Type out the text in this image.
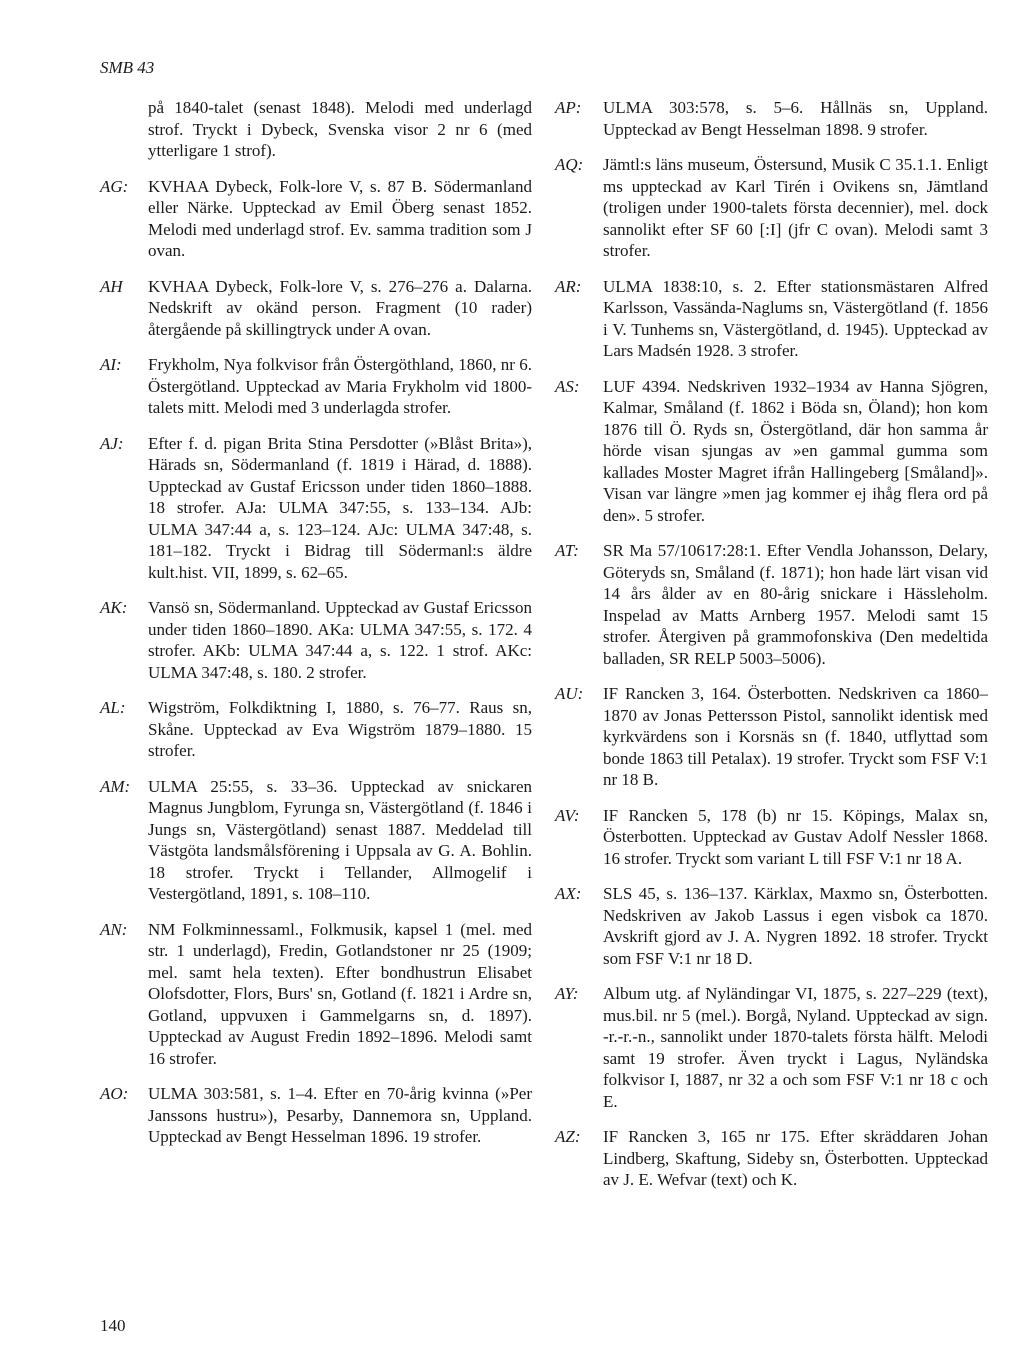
SMB 43
på 1840-talet (senast 1848). Melodi med underlagd strof. Tryckt i Dybeck, Svenska visor 2 nr 6 (med ytterligare 1 strof).
AG:	KVHAA Dybeck, Folk-lore V, s. 87 B. Södermanland eller Närke. Uppteckad av Emil Öberg senast 1852. Melodi med underlagd strof. Ev. samma tradition som J ovan.
AH	KVHAA Dybeck, Folk-lore V, s. 276–276 a. Dalarna. Nedskrift av okänd person. Fragment (10 rader) återgående på skillingtryck under A ovan.
AI:	Frykholm, Nya folkvisor från Östergöthland, 1860, nr 6. Östergötland. Uppteckad av Maria Frykholm vid 1800-talets mitt. Melodi med 3 underlagda strofer.
AJ:	Efter f. d. pigan Brita Stina Persdotter (»Blåst Brita»), Härads sn, Södermanland (f. 1819 i Härad, d. 1888). Uppteckad av Gustaf Ericsson under tiden 1860–1888. 18 strofer. AJa: ULMA 347:55, s. 133–134. AJb: ULMA 347:44 a, s. 123–124. AJc: ULMA 347:48, s. 181–182. Tryckt i Bidrag till Södermanl:s äldre kult.hist. VII, 1899, s. 62–65.
AK:	Vansö sn, Södermanland. Uppteckad av Gustaf Ericsson under tiden 1860–1890. AKa: ULMA 347:55, s. 172. 4 strofer. AKb: ULMA 347:44 a, s. 122. 1 strof. AKc: ULMA 347:48, s. 180. 2 strofer.
AL:	Wigström, Folkdiktning I, 1880, s. 76–77. Raus sn, Skåne. Uppteckad av Eva Wigström 1879–1880. 15 strofer.
AM:	ULMA 25:55, s. 33–36. Uppteckad av snickaren Magnus Jungblom, Fyrunga sn, Västergötland (f. 1846 i Jungs sn, Västergötland) senast 1887. Meddelad till Västgöta landsmålsförening i Uppsala av G. A. Bohlin. 18 strofer. Tryckt i Tellander, Allmogelif i Vestergötland, 1891, s. 108–110.
AN:	NM Folkminnessaml., Folkmusik, kapsel 1 (mel. med str. 1 underlagd), Fredin, Gotlandstoner nr 25 (1909; mel. samt hela texten). Efter bondhustrun Elisabet Olofsdotter, Flors, Burs' sn, Gotland (f. 1821 i Ardre sn, Gotland, uppvuxen i Gammelgarns sn, d. 1897). Uppteckad av August Fredin 1892–1896. Melodi samt 16 strofer.
AO:	ULMA 303:581, s. 1–4. Efter en 70-årig kvinna (»Per Janssons hustru»), Pesarby, Dannemora sn, Uppland. Uppteckad av Bengt Hesselman 1896. 19 strofer.
AP:	ULMA 303:578, s. 5–6. Hållnäs sn, Uppland. Uppteckad av Bengt Hesselman 1898. 9 strofer.
AQ:	Jämtl:s läns museum, Östersund, Musik C 35.1.1. Enligt ms uppteckad av Karl Tirén i Ovikens sn, Jämtland (troligen under 1900-talets första decennier), mel. dock sannolikt efter SF 60 [:I] (jfr C ovan). Melodi samt 3 strofer.
AR:	ULMA 1838:10, s. 2. Efter stationsmästaren Alfred Karlsson, Vassända-Naglums sn, Västergötland (f. 1856 i V. Tunhems sn, Västergötland, d. 1945). Uppteckad av Lars Madsén 1928. 3 strofer.
AS:	LUF 4394. Nedskriven 1932–1934 av Hanna Sjögren, Kalmar, Småland (f. 1862 i Böda sn, Öland); hon kom 1876 till Ö. Ryds sn, Östergötland, där hon samma år hörde visan sjungas av »en gammal gumma som kallades Moster Magret ifrån Hallingeberg [Småland]». Visan var längre »men jag kommer ej ihåg flera ord på den». 5 strofer.
AT:	SR Ma 57/10617:28:1. Efter Vendla Johansson, Delary, Göteryds sn, Småland (f. 1871); hon hade lärt visan vid 14 års ålder av en 80-årig snickare i Hässleholm. Inspelad av Matts Arnberg 1957. Melodi samt 15 strofer. Återgiven på grammofonskiva (Den medeltida balladen, SR RELP 5003–5006).
AU:	IF Rancken 3, 164. Österbotten. Nedskriven ca 1860–1870 av Jonas Pettersson Pistol, sannolikt identisk med kyrkvärdens son i Korsnäs sn (f. 1840, utflyttad som bonde 1863 till Petalax). 19 strofer. Tryckt som FSF V:1 nr 18 B.
AV:	IF Rancken 5, 178 (b) nr 15. Köpings, Malax sn, Österbotten. Uppteckad av Gustav Adolf Nessler 1868. 16 strofer. Tryckt som variant L till FSF V:1 nr 18 A.
AX:	SLS 45, s. 136–137. Kärklax, Maxmo sn, Österbotten. Nedskriven av Jakob Lassus i egen visbok ca 1870. Avskrift gjord av J. A. Nygren 1892. 18 strofer. Tryckt som FSF V:1 nr 18 D.
AY:	Album utg. af Nyländingar VI, 1875, s. 227–229 (text), mus.bil. nr 5 (mel.). Borgå, Nyland. Uppteckad av sign. -r.-r.-n., sannolikt under 1870-talets första hälft. Melodi samt 19 strofer. Även tryckt i Lagus, Nyländska folkvisor I, 1887, nr 32 a och som FSF V:1 nr 18 c och E.
AZ:	IF Rancken 3, 165 nr 175. Efter skräddaren Johan Lindberg, Skaftung, Sideby sn, Österbotten. Uppteckad av J. E. Wefvar (text) och K.
140
